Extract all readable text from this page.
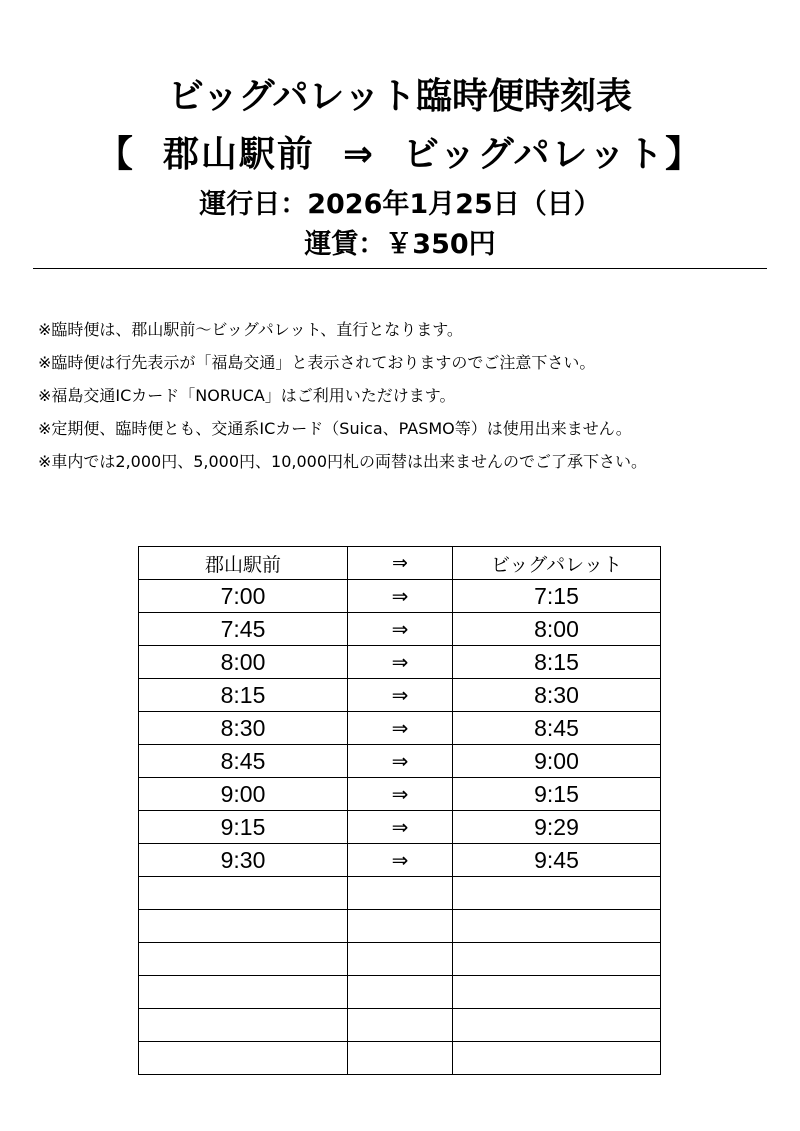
ビッグパレット臨時便時刻表
【 郡山駅前 ⇒ ビッグパレット】
運行日：2026年1月25日（日）
運賃：￥350円
※臨時便は、郡山駅前～ビッグパレット、直行となります。
※臨時便は行先表示が「福島交通」と表示されておりますのでご注意下さい。
※福島交通ICカード「NORUCA」はご利用いただけます。
※定期便、臨時便とも、交通系ICカード（Suica、PASMO等）は使用出来ません。
※車内では2,000円、5,000円、10,000円札の両替は出来ませんのでご了承下さい。
郡山駅前	⇒	ビッグパレット
7:00	⇒	7:15
7:45	⇒	8:00
8:00	⇒	8:15
8:15	⇒	8:30
8:30	⇒	8:45
8:45	⇒	9:00
9:00	⇒	9:15
9:15	⇒	9:29
9:30	⇒	9:45
